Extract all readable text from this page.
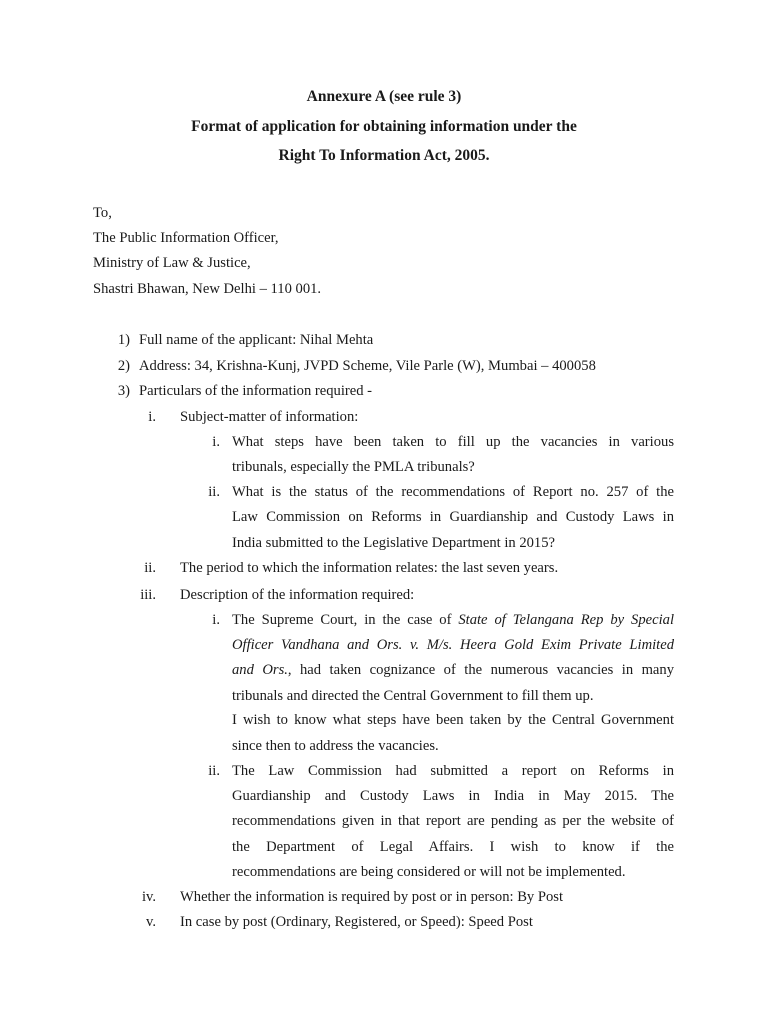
Annexure A (see rule 3)
Format of application for obtaining information under the
Right To Information Act, 2005.
To,
The Public Information Officer,
Ministry of Law & Justice,
Shastri Bhawan, New Delhi – 110 001.
1) Full name of the applicant: Nihal Mehta
2) Address: 34, Krishna-Kunj, JVPD Scheme, Vile Parle (W), Mumbai – 400058
3) Particulars of the information required -
i. Subject-matter of information:
i. What steps have been taken to fill up the vacancies in various
tribunals, especially the PMLA tribunals?
ii. What is the status of the recommendations of Report no. 257 of the
Law Commission on Reforms in Guardianship and Custody Laws in
India submitted to the Legislative Department in 2015?
ii. The period to which the information relates: the last seven years.
iii. Description of the information required:
i. The Supreme Court, in the case of State of Telangana Rep by Special
Officer Vandhana and Ors. v. M/s. Heera Gold Exim Private Limited
and Ors., had taken cognizance of the numerous vacancies in many
tribunals and directed the Central Government to fill them up.
I wish to know what steps have been taken by the Central Government
since then to address the vacancies.
ii. The Law Commission had submitted a report on Reforms in
Guardianship and Custody Laws in India in May 2015. The
recommendations given in that report are pending as per the website of
the Department of Legal Affairs. I wish to know if the
recommendations are being considered or will not be implemented.
iv. Whether the information is required by post or in person: By Post
v. In case by post (Ordinary, Registered, or Speed): Speed Post
